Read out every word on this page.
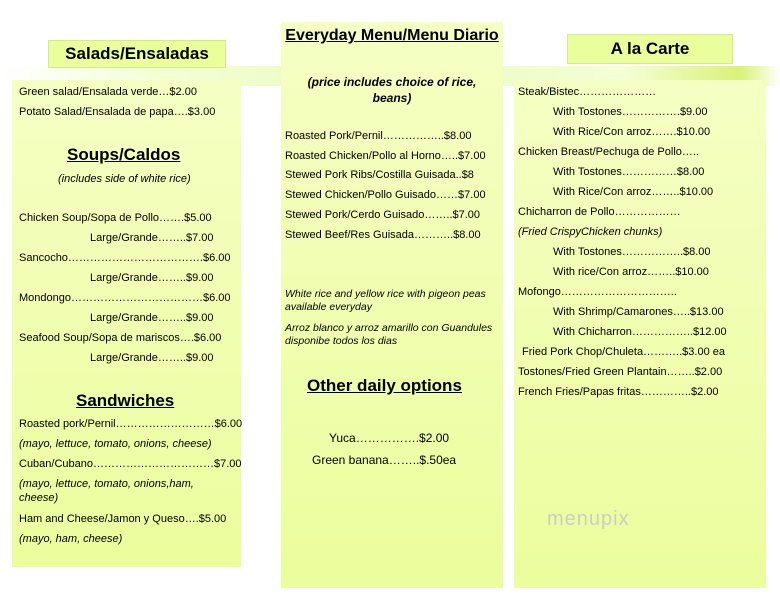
Salads/Ensaladas
Green salad/Ensalada verde…$2.00
Potato Salad/Ensalada de papa….$3.00
Soups/Caldos
(includes side of white rice)
Chicken Soup/Sopa de Pollo…….$5.00
Large/Grande……..$7.00
Sancocho……………………………….$6.00
Large/Grande……..$9.00
Mondongo………………………………$6.00
Large/Grande……..$9.00
Seafood Soup/Sopa de mariscos….$6.00
Large/Grande……..$9.00
Sandwiches
Roasted pork/Pernil………………………$6.00
(mayo, lettuce, tomato, onions, cheese)
Cuban/Cubano……………………………$7.00
(mayo, lettuce, tomato, onions,ham,
cheese)
Ham and Cheese/Jamon y Queso….$5.00
(mayo, ham, cheese)
Everyday Menu/Menu Diario
(price includes choice of rice, beans)
Roasted Pork/Pernil……………..$8.00
Roasted Chicken/Pollo al Horno…..$7.00
Stewed Pork Ribs/Costilla Guisada..$8
Stewed Chicken/Pollo Guisado……$7.00
Stewed Pork/Cerdo Guisado……..$7.00
Stewed Beef/Res Guisada………..$8.00

White rice and yellow rice with pigeon peas available everyday

Arroz blanco y arroz amarillo con Guandules disponibe todos los dias

Other daily options
Yuca…………….$2.00
Green banana……..$.50ea
A la Carte
Steak/Bistec…………………
With Tostones…………….$9.00
With Rice/Con arroz…….$10.00
Chicken Breast/Pechuga de Pollo…..
With Tostones……………$8.00
With Rice/Con arroz……..$10.00
Chicharron de Pollo………………
(Fried CrispyChicken chunks)
With Tostones……………..$8.00
With rice/Con arroz……..$10.00
Mofongo…………………………..
With Shrimp/Camarones…..$13.00
With Chicharron……………..$12.00
Fried Pork Chop/Chuleta………..$3.00 ea
Tostones/Fried Green Plantain……..$2.00
French Fries/Papas fritas…………..$2.00
menupix
